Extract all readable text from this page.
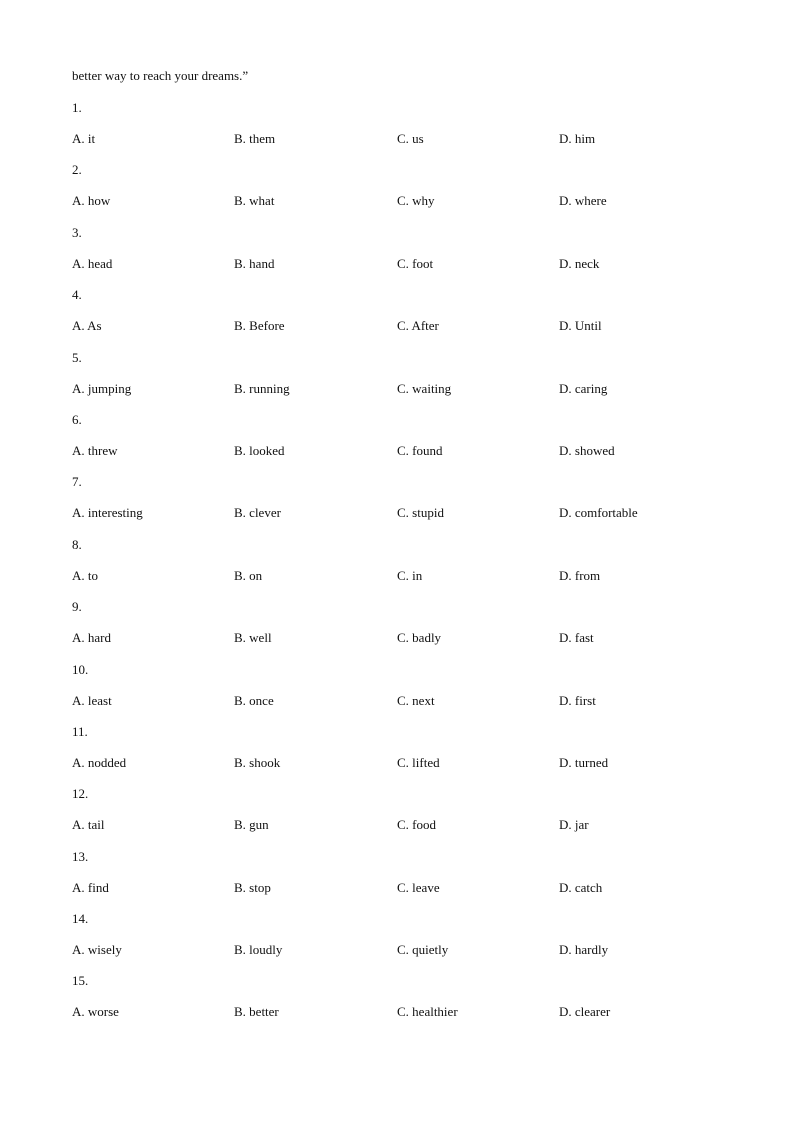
better way to reach your dreams.”
1.
A. it	B. them	C. us	D. him
2.
A. how	B. what	C. why	D. where
3.
A. head	B. hand	C. foot	D. neck
4.
A. As	B. Before	C. After	D. Until
5.
A. jumping	B. running	C. waiting	D. caring
6.
A. threw	B. looked	C. found	D. showed
7.
A. interesting	B. clever	C. stupid	D. comfortable
8.
A. to	B. on	C. in	D. from
9.
A. hard	B. well	C. badly	D. fast
10.
A. least	B. once	C. next	D. first
11.
A. nodded	B. shook	C. lifted	D. turned
12.
A. tail	B. gun	C. food	D. jar
13.
A. find	B. stop	C. leave	D. catch
14.
A. wisely	B. loudly	C. quietly	D. hardly
15.
A. worse	B. better	C. healthier	D. clearer
